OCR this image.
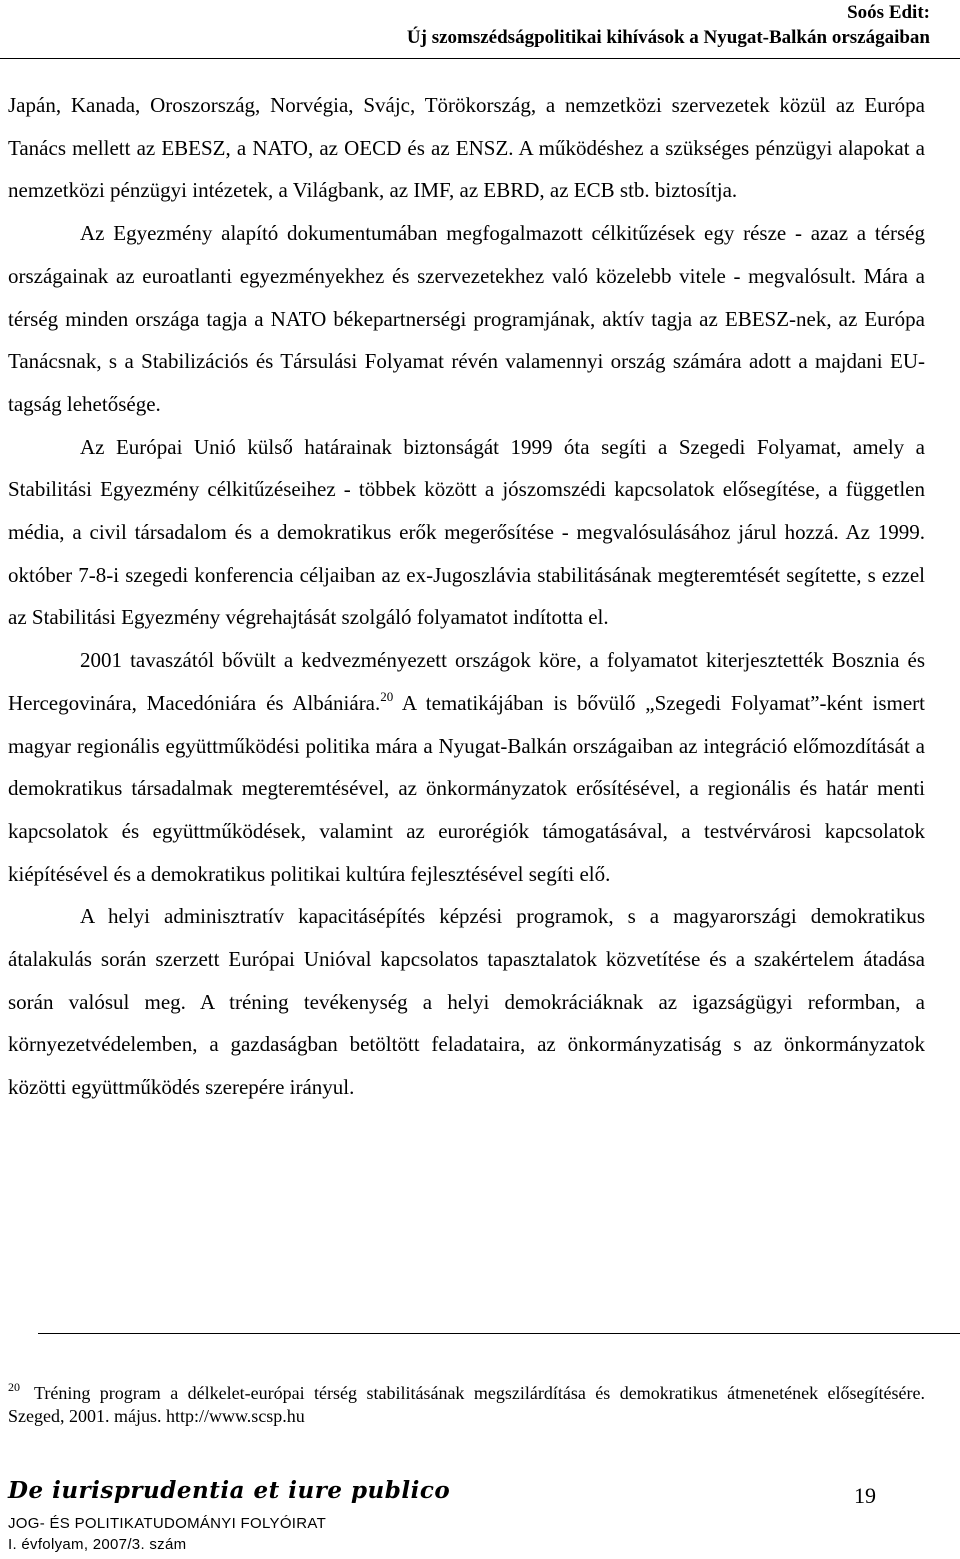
Soós Edit:
Új szomszédságpolitikai kihívások a Nyugat-Balkán országaiban

Japán, Kanada, Oroszország, Norvégia, Svájc, Törökország, a nemzetközi szervezetek közül az Európa Tanács mellett az EBESZ, a NATO, az OECD és az ENSZ. A működéshez a szükséges pénzügyi alapokat a nemzetközi pénzügyi intézetek, a Világbank, az IMF, az EBRD, az ECB stb. biztosítja.

Az Egyezmény alapító dokumentumában megfogalmazott célkitűzések egy része - azaz a térség országainak az euroatlanti egyezményekhez és szervezetekhez való közelebb vitele - megvalósult. Mára a térség minden országa tagja a NATO békepartnerségi programjának, aktív tagja az EBESZ-nek, az Európa Tanácsnak, s a Stabilizációs és Társulási Folyamat révén valamennyi ország számára adott a majdani EU-tagság lehetősége.

Az Európai Unió külső határainak biztonságát 1999 óta segíti a Szegedi Folyamat, amely a Stabilitási Egyezmény célkitűzéseihez - többek között a jószomszédi kapcsolatok elősegítése, a független média, a civil társadalom és a demokratikus erők megerősítése - megvalósulásához járul hozzá. Az 1999. október 7-8-i szegedi konferencia céljaiban az ex-Jugoszlávia stabilitásának megteremtését segítette, s ezzel az Stabilitási Egyezmény végrehajtását szolgáló folyamatot indította el.

2001 tavaszától bővült a kedvezményezett országok köre, a folyamatot kiterjesztették Bosznia és Hercegovinára, Macedóniára és Albániára.$^{20}$ A tematikájában is bővülő „Szegedi Folyamat”-ként ismert magyar regionális együttműködési politika mára a Nyugat-Balkán országaiban az integráció előmozdítását a demokratikus társadalmak megteremtésével, az önkormányzatok erősítésével, a regionális és határ menti kapcsolatok és együttműködések, valamint az eurorégiók támogatásával, a testvérvárosi kapcsolatok kiépítésével és a demokratikus politikai kultúra fejlesztésével segíti elő.

A helyi adminisztratív kapacitásépítés képzési programok, s a magyarországi demokratikus átalakulás során szerzett Európai Unióval kapcsolatos tapasztalatok közvetítése és a szakértelem átadása során valósul meg. A tréning tevékenység a helyi demokráciáknak az igazságügyi reformban, a környezetvédelemben, a gazdaságban betöltött feladataira, az önkormányzatiság s az önkormányzatok közötti együttműködés szerepére irányul.

$^{20}$ Tréning program a délkelet-európai térség stabilitásának megszilárdítása és demokratikus átmenetének elősegítésére. Szeged, 2001. május. http://www.scsp.hu
De iurisprudentia et iure publico	19
JOG- ÉS POLITIKATUDOMÁNYI FOLYÓIRAT
I. évfolyam, 2007/3. szám
